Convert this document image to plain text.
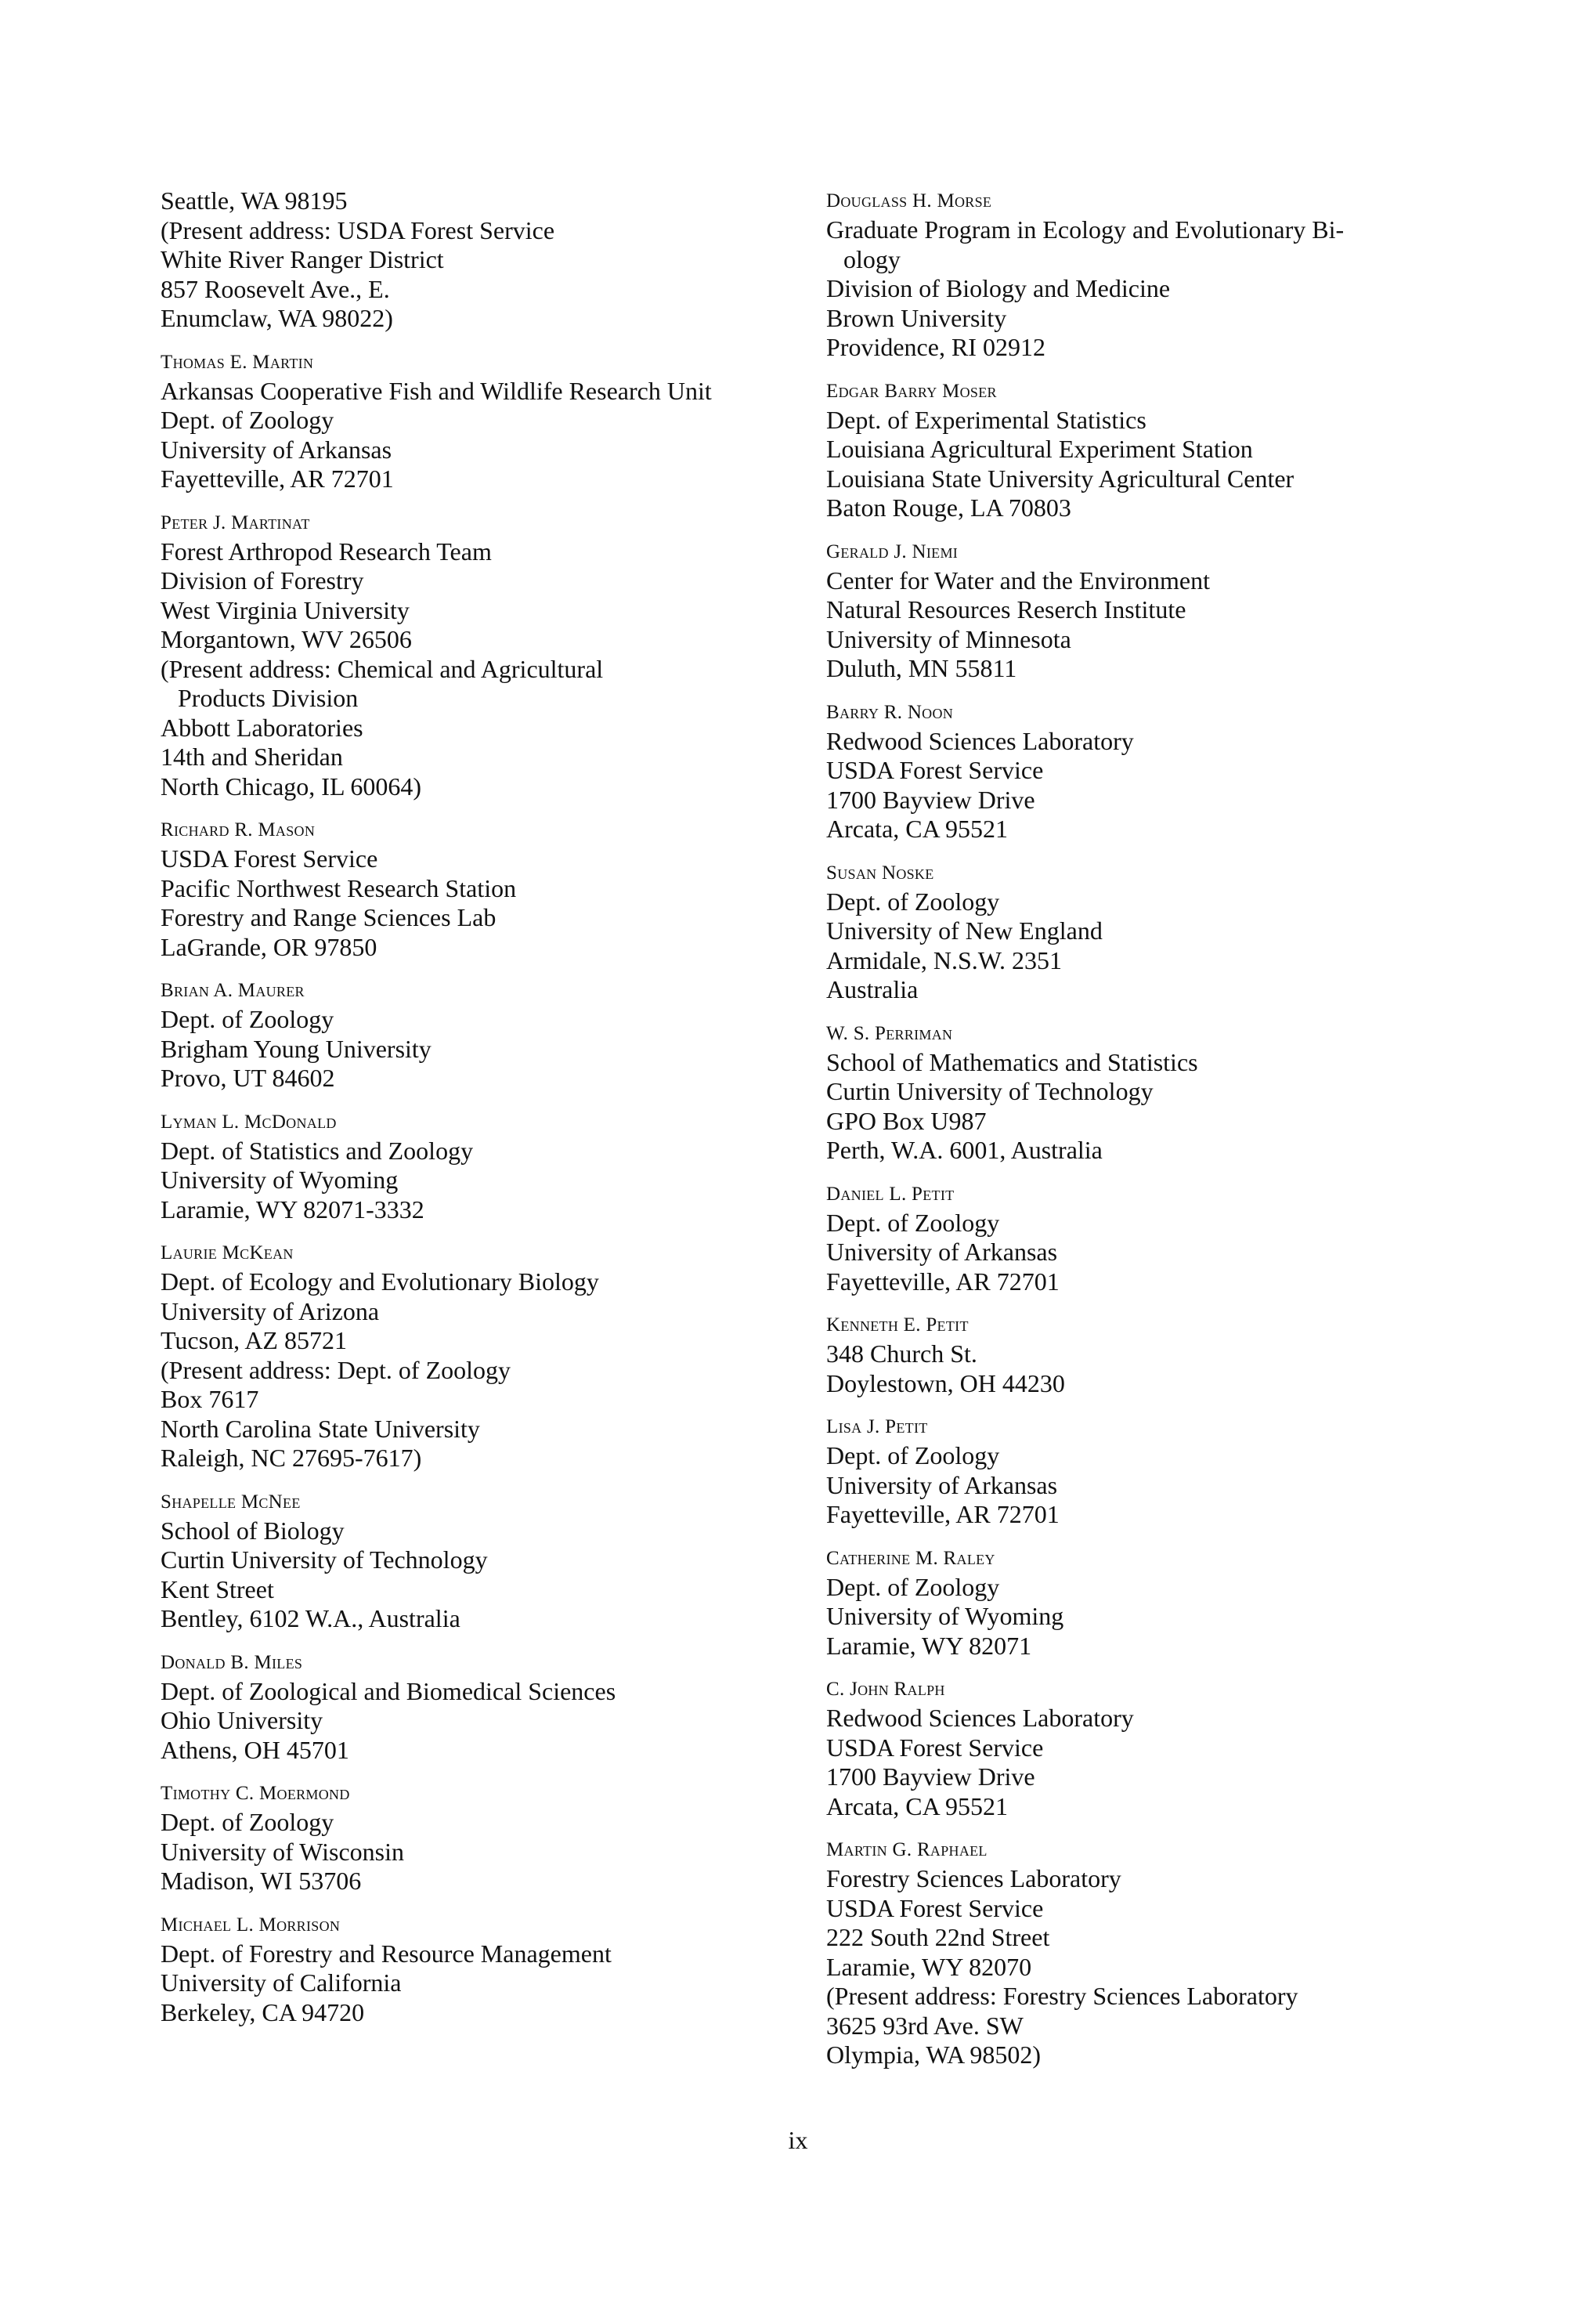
Seattle, WA 98195
(Present address: USDA Forest Service
White River Ranger District
857 Roosevelt Ave., E.
Enumclaw, WA 98022)
Thomas E. Martin
Arkansas Cooperative Fish and Wildlife Research Unit
Dept. of Zoology
University of Arkansas
Fayetteville, AR 72701
Peter J. Martinat
Forest Arthropod Research Team
Division of Forestry
West Virginia University
Morgantown, WV 26506
(Present address: Chemical and Agricultural
Products Division
Abbott Laboratories
14th and Sheridan
North Chicago, IL 60064)
Richard R. Mason
USDA Forest Service
Pacific Northwest Research Station
Forestry and Range Sciences Lab
LaGrande, OR 97850
Brian A. Maurer
Dept. of Zoology
Brigham Young University
Provo, UT 84602
Lyman L. McDonald
Dept. of Statistics and Zoology
University of Wyoming
Laramie, WY 82071-3332
Laurie McKean
Dept. of Ecology and Evolutionary Biology
University of Arizona
Tucson, AZ 85721
(Present address: Dept. of Zoology
Box 7617
North Carolina State University
Raleigh, NC 27695-7617)
Shapelle McNee
School of Biology
Curtin University of Technology
Kent Street
Bentley, 6102 W.A., Australia
Donald B. Miles
Dept. of Zoological and Biomedical Sciences
Ohio University
Athens, OH 45701
Timothy C. Moermond
Dept. of Zoology
University of Wisconsin
Madison, WI 53706
Michael L. Morrison
Dept. of Forestry and Resource Management
University of California
Berkeley, CA 94720
Douglass H. Morse
Graduate Program in Ecology and Evolutionary Bi-
ology
Division of Biology and Medicine
Brown University
Providence, RI 02912
Edgar Barry Moser
Dept. of Experimental Statistics
Louisiana Agricultural Experiment Station
Louisiana State University Agricultural Center
Baton Rouge, LA 70803
Gerald J. Niemi
Center for Water and the Environment
Natural Resources Reserch Institute
University of Minnesota
Duluth, MN 55811
Barry R. Noon
Redwood Sciences Laboratory
USDA Forest Service
1700 Bayview Drive
Arcata, CA 95521
Susan Noske
Dept. of Zoology
University of New England
Armidale, N.S.W. 2351
Australia
W. S. Perriman
School of Mathematics and Statistics
Curtin University of Technology
GPO Box U987
Perth, W.A. 6001, Australia
Daniel L. Petit
Dept. of Zoology
University of Arkansas
Fayetteville, AR 72701
Kenneth E. Petit
348 Church St.
Doylestown, OH 44230
Lisa J. Petit
Dept. of Zoology
University of Arkansas
Fayetteville, AR 72701
Catherine M. Raley
Dept. of Zoology
University of Wyoming
Laramie, WY 82071
C. John Ralph
Redwood Sciences Laboratory
USDA Forest Service
1700 Bayview Drive
Arcata, CA 95521
Martin G. Raphael
Forestry Sciences Laboratory
USDA Forest Service
222 South 22nd Street
Laramie, WY 82070
(Present address: Forestry Sciences Laboratory
3625 93rd Ave. SW
Olympia, WA 98502)
ix
